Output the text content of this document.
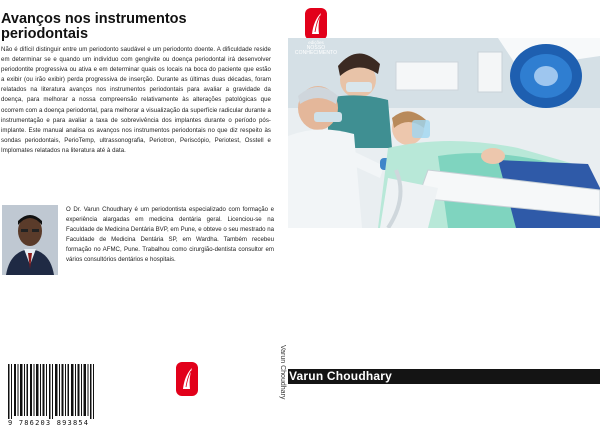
Avanços nos instrumentos periodontais

Não é difícil distinguir entre um periodonto saudável e um periodonto doente. A dificuldade reside em determinar se e quando um indivíduo com gengivite ou doença periodontal irá desenvolver periodontite progressiva ou ativa e em determinar quais os locais na boca do paciente que estão a exibir (ou irão exibir) perda progressiva de inserção. Durante as últimas duas décadas, foram relatados na literatura avanços nos instrumentos periodontais para avaliar a gravidade da doença, para melhorar a nossa compreensão relativamente às alterações patológicas que ocorrem com a doença periodontal, para melhorar a visualização da superfície radicular durante a instrumentação e para avaliar a taxa de sobrevivência dos implantes durante o período pós-implante. Este manual analisa os avanços nos instrumentos periodontais no que diz respeito às sondas periodontais, PerioTemp, ultrassonografia, Periotron, Periscópio, Periotest, Osstell e Implomates relatados na literatura até à data.

O Dr. Varun Choudhary é um periodontista especializado com formação e experiência alargadas em medicina dentária geral. Licenciou-se na Faculdade de Medicina Dentária BVP, em Pune, e obteve o seu mestrado na Faculdade de Medicina Dentária SP, em Wardha. Também recebeu formação no AFMC, Pune. Trabalhou como cirurgião-dentista consultor em vários consultórios dentários e hospitais.

9 786203 893854
Varun Choudhary
edições
NOSSO CONHECIMENTO
Varun Choudhary
